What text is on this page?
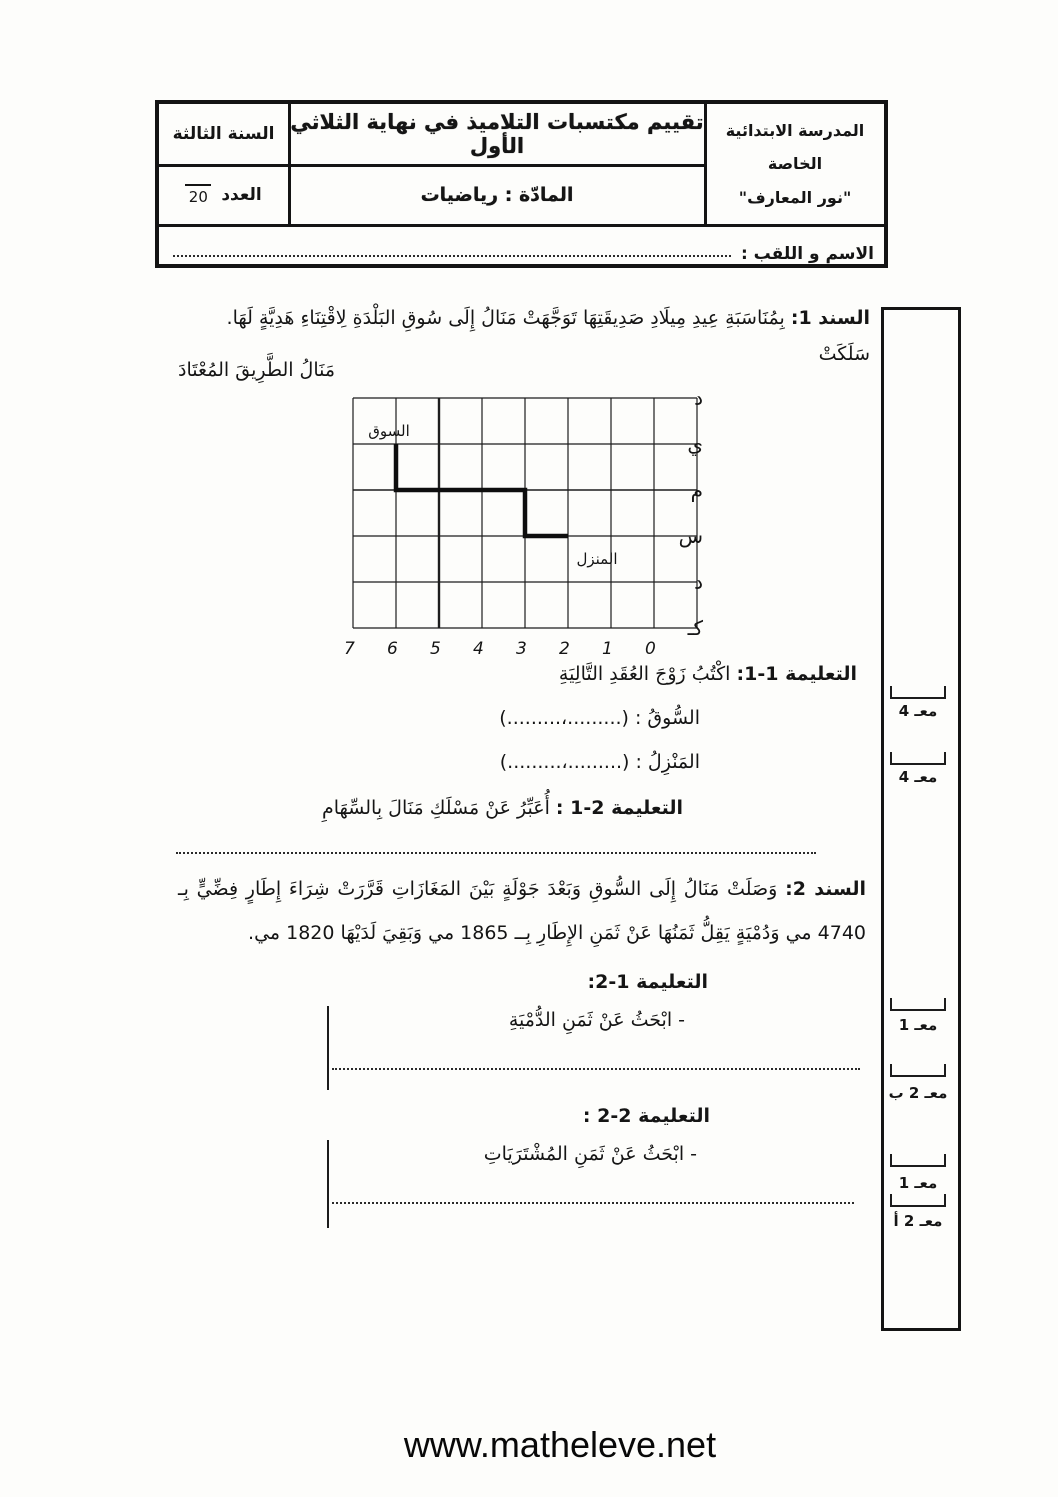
السنة الثالثة
العدد
20
تقييم مكتسبات التلاميذ في نهاية الثلاثي الأول
المادّة : رياضيات
المدرسة الابتدائية الخاصة
"نور المعارف"
الاسم و اللقب :
السند 1: بِمُنَاسَبَةِ عِيدِ مِيلَادِ صَدِيقَتِهَا تَوَجَّهَتْ مَنَالُ إِلَى سُوقِ البَلْدَةِ لِاقْتِنَاءِ هَدِيَّةٍ لَهَا. سَلَكَتْ
مَنَالُ الطَّرِيقَ المُعْتَادَ
د
ي
م
س
د
كـ
7 6 5 4 3 2 1 0
السوق
المنزل
التعليمة 1-1: اكْتُبُ زَوْجَ العُقَدِ التَّالِيَةِ
السُّوقُ : (.........،.........)
المَنْزِلُ : (.........،.........)
التعليمة 2-1 : أُعَبِّرُ عَنْ مَسْلَكِ مَنَالَ بِالسِّهَامِ
السند 2: وَصَلَتْ مَنَالُ إِلَى السُّوقِ وَبَعْدَ جَوْلَةٍ بَيْنَ المَغَازَاتِ قَرَّرَتْ شِرَاءَ إِطَارٍ فِضِّيٍّ بِـ 4740 مي وَدُمْيَةٍ يَقِلُّ ثَمَنُهَا عَنْ ثَمَنِ الإِطَارِ بِــ 1865 مي وَبَقِيَ لَدَيْهَا 1820 مي.
التعليمة 1-2:
- ابْحَثُ عَنْ ثَمَنِ الدُّمْيَةِ
التعليمة 2-2 :
- ابْحَثُ عَنْ ثَمَنِ المُشْتَرَيَاتِ
معـ 4
معـ 4
معـ 1
معـ 2 ب
معـ 1
معـ 2 أ
www.matheleve.net
